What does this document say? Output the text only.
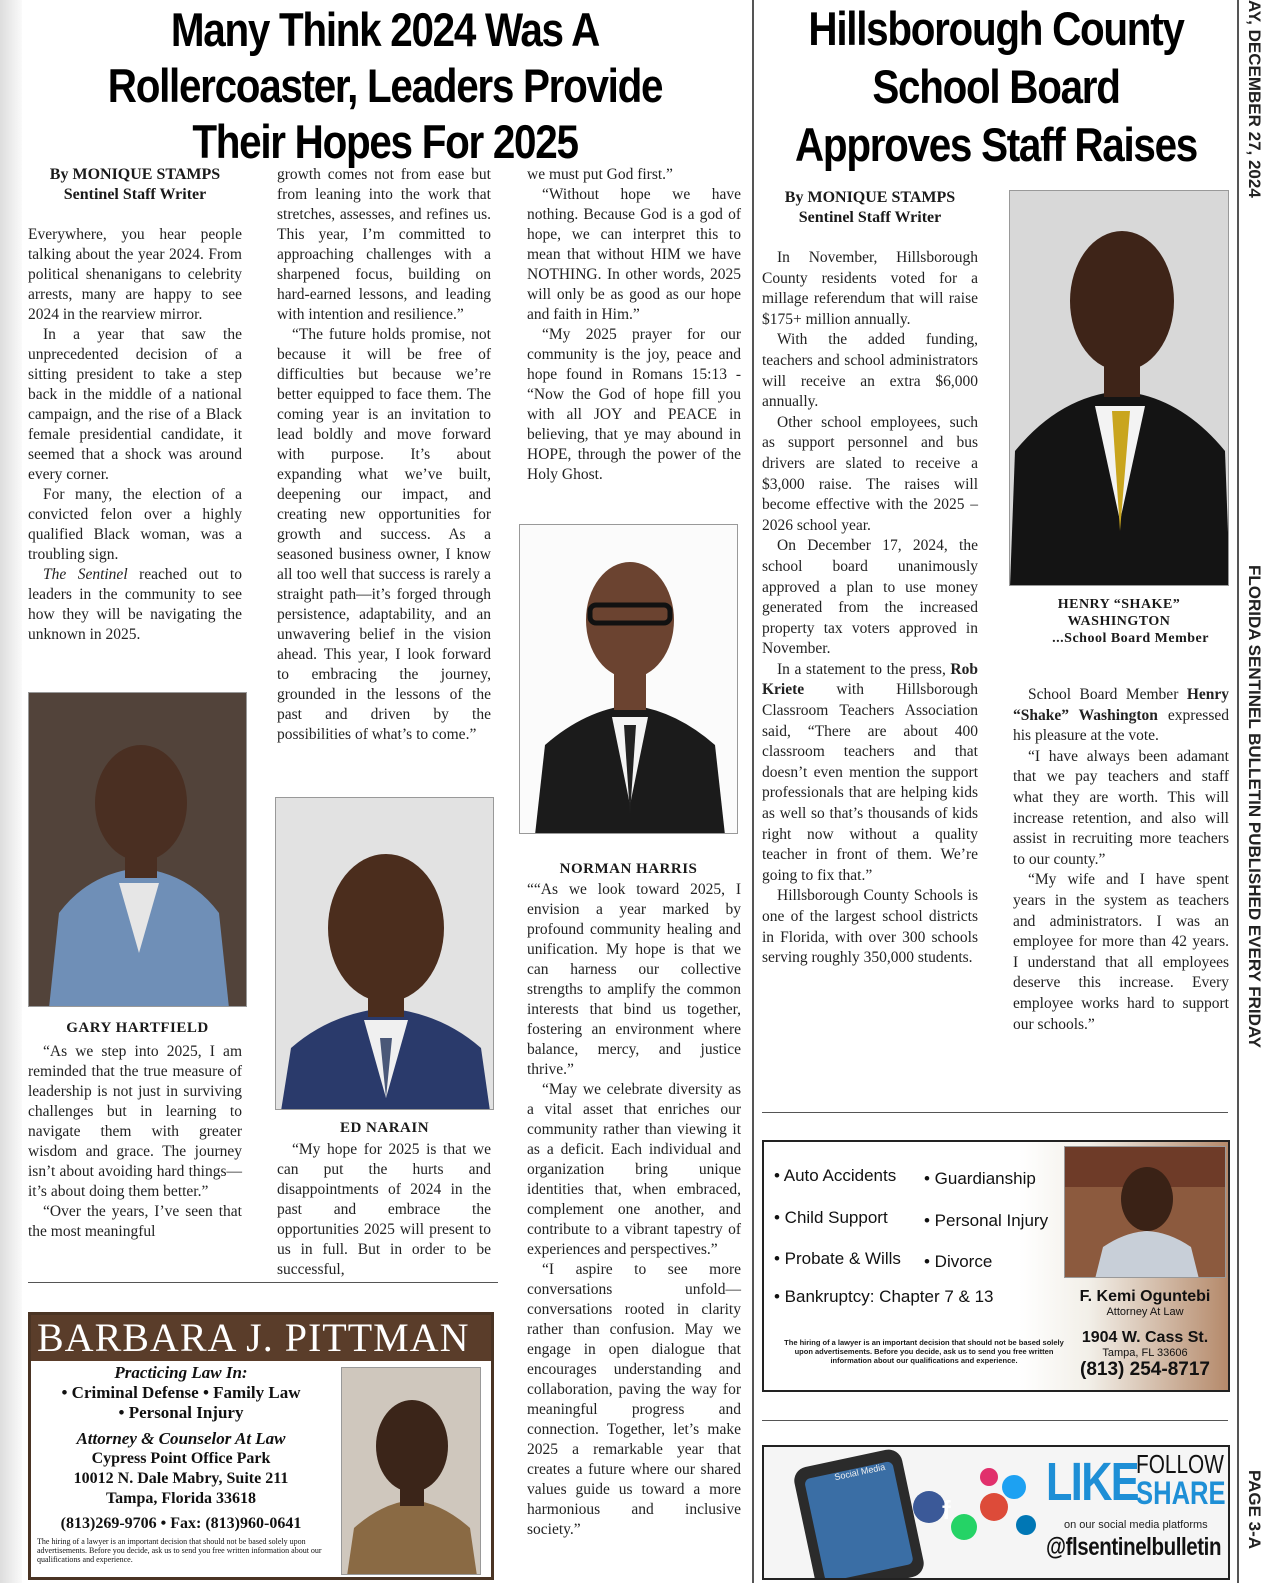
Many Think 2024 Was A
Rollercoaster, Leaders Provide
Their Hopes For 2025
By MONIQUE STAMPS
Sentinel Staff Writer

Everywhere, you hear people talking about the year 2024. From political shenanigans to celebrity arrests, many are happy to see 2024 in the rearview mirror.

In a year that saw the unprecedented decision of a sitting president to take a step back in the middle of a national campaign, and the rise of a Black female presidential candidate, it seemed that a shock was around every corner.

For many, the election of a convicted felon over a highly qualified Black woman, was a troubling sign.

The Sentinel reached out to leaders in the community to see how they will be navigating the unknown in 2025.

GARY HARTFIELD

“As we step into 2025, I am reminded that the true measure of leadership is not just in surviving challenges but in learning to navigate them with greater wisdom and grace. The journey isn’t about avoiding hard things—it’s about doing them better.”

“Over the years, I’ve seen that the most meaningful

growth comes not from ease but from leaning into the work that stretches, assesses, and refines us. This year, I’m committed to approaching challenges with a sharpened focus, building on hard-earned lessons, and leading with intention and resilience.”

“The future holds promise, not because it will be free of difficulties but because we’re better equipped to face them. The coming year is an invitation to lead boldly and move forward with purpose. It’s about expanding what we’ve built, deepening our impact, and creating new opportunities for growth and success. As a seasoned business owner, I know all too well that success is rarely a straight path—it’s forged through persistence, adaptability, and an unwavering belief in the vision ahead. This year, I look forward to embracing the journey, grounded in the lessons of the past and driven by the possibilities of what’s to come.”

ED NARAIN

“My hope for 2025 is that we can put the hurts and disappointments of 2024 in the past and embrace the opportunities 2025 will present to us in full. But in order to be successful,

we must put God first.”

“Without hope we have nothing. Because God is a god of hope, we can interpret this to mean that without HIM we have NOTHING. In other words, 2025 will only be as good as our hope and faith in Him.”

“My 2025 prayer for our community is the joy, peace and hope found in Romans 15:13 - “Now the God of hope fill you with all JOY and PEACE in believing, that ye may abound in HOPE, through the power of the Holy Ghost.

NORMAN HARRIS

““As we look toward 2025, I envision a year marked by profound community healing and unification. My hope is that we can harness our collective strengths to amplify the common interests that bind us together, fostering an environment where balance, mercy, and justice thrive.”

“May we celebrate diversity as a vital asset that enriches our community rather than viewing it as a deficit. Each individual and organization bring unique identities that, when embraced, complement one another, and contribute to a vibrant tapestry of experiences and perspectives.”

“I aspire to see more conversations unfold—conversations rooted in clarity rather than confusion. May we engage in open dialogue that encourages understanding and collaboration, paving the way for meaningful progress and connection. Together, let’s make 2025 a remarkable year that creates a future where our shared values guide us toward a more harmonious and inclusive society.”

BARBARA J. PITTMAN
Practicing Law In:
• Criminal Defense • Family Law
• Personal Injury
Attorney & Counselor At Law
Cypress Point Office Park
10012 N. Dale Mabry, Suite 211
Tampa, Florida 33618
(813)269-9706 • Fax: (813)960-0641
The hiring of a lawyer is an important decision that should not be based solely upon advertisements. Before you decide, ask us to send you free written information about our qualifications and experience.
Hillsborough County
School Board
Approves Staff Raises
By MONIQUE STAMPS
Sentinel Staff Writer

In November, Hillsborough County residents voted for a millage referendum that will raise $175+ million annually.

With the added funding, teachers and school administrators will receive an extra $6,000 annually.

Other school employees, such as support personnel and bus drivers are slated to receive a $3,000 raise. The raises will become effective with the 2025 – 2026 school year.

On December 17, 2024, the school board unanimously approved a plan to use money generated from the increased property tax voters approved in November.

In a statement to the press, Rob Kriete with Hillsborough Classroom Teachers Association said, “There are about 400 classroom teachers and that doesn’t even mention the support professionals that are helping kids as well so that’s thousands of kids right now without a quality teacher in front of them. We’re going to fix that.”

Hillsborough County Schools is one of the largest school districts in Florida, with over 300 schools serving roughly 350,000 students.

HENRY “SHAKE” WASHINGTON
...School Board Member

School Board Member Henry “Shake” Washington expressed his pleasure at the vote.

“I have always been adamant that we pay teachers and staff what they are worth. This will increase retention, and also will assist in recruiting more teachers to our county.”

“My wife and I have spent years in the system as teachers and administrators. I was an employee for more than 42 years. I understand that all employees deserve this increase. Every employee works hard to support our schools.”

• Auto Accidents • Guardianship
• Child Support • Personal Injury
• Probate & Wills • Divorce
• Bankruptcy: Chapter 7 & 13
The hiring of a lawyer is an important decision that should not be based solely upon advertisements. Before you decide, ask us to send you free written information about our qualifications and experience.
F. Kemi Oguntebi
Attorney At Law
1904 W. Cass St.
Tampa, FL 33606
(813) 254-8717
Social Media
f LIKE
FOLLOW
SHARE
on our social media platforms
@flsentinelbulletin
AY, DECEMBER 27, 2024
FLORIDA SENTINEL BULLETIN PUBLISHED EVERY FRIDAY
PAGE 3-A
